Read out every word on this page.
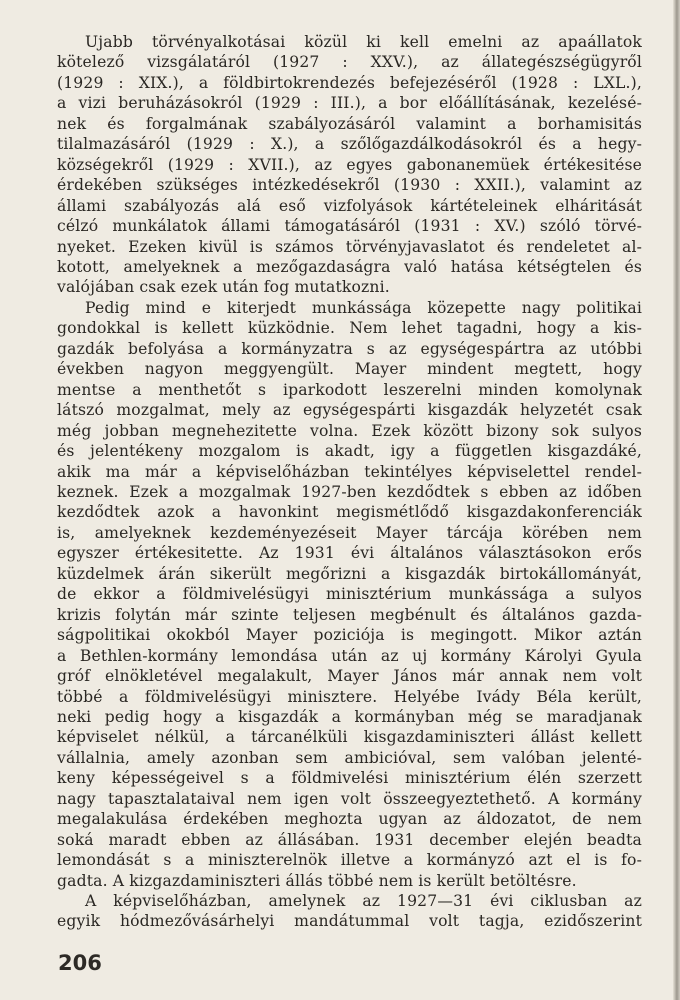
Ujabb törvényalkotásai közül ki kell emelni az apaállatok
kötelező vizsgálatáról (1927 : XXV.), az állategészségügyről
(1929 : XIX.), a földbirtokrendezés befejezéséről (1928 : LXL.),
a vizi beruházásokról (1929 : III.), a bor előállításának, kezelésé-
nek és forgalmának szabályozásáról valamint a borhamisitás
tilalmazásáról (1929 : X.), a szőlőgazdálkodásokról és a hegy-
községekről (1929 : XVII.), az egyes gabonanemüek értékesitése
érdekében szükséges intézkedésekről (1930 : XXII.), valamint az
állami szabályozás alá eső vizfolyások kártételeinek elháritását
célzó munkálatok állami támogatásáról (1931 : XV.) szóló törvé-
nyeket. Ezeken kivül is számos törvényjavaslatot és rendeletet al-
kotott, amelyeknek a mezőgazdaságra való hatása kétségtelen és
valójában csak ezek után fog mutatkozni.

Pedig mind e kiterjedt munkássága közepette nagy politikai
gondokkal is kellett küzködnie. Nem lehet tagadni, hogy a kis-
gazdák befolyása a kormányzatra s az egységespártra az utóbbi
években nagyon meggyengült. Mayer mindent megtett, hogy
mentse a menthetőt s iparkodott leszerelni minden komolynak
látszó mozgalmat, mely az egységespárti kisgazdák helyzetét csak
még jobban megnehezitette volna. Ezek között bizony sok sulyos
és jelentékeny mozgalom is akadt, igy a független kisgazdáké,
akik ma már a képviselőházban tekintélyes képviselettel rendel-
keznek. Ezek a mozgalmak 1927-ben kezdődtek s ebben az időben
kezdődtek azok a havonkint megismétlődő kisgazdakonferenciák
is, amelyeknek kezdeményezéseit Mayer tárcája körében nem
egyszer értékesitette. Az 1931 évi általános választásokon erős
küzdelmek árán sikerült megőrizni a kisgazdák birtokállományát,
de ekkor a földmivelésügyi minisztérium munkássága a sulyos
krizis folytán már szinte teljesen megbénult és általános gazda-
ságpolitikai okokból Mayer poziciója is megingott. Mikor aztán
a Bethlen-kormány lemondása után az uj kormány Károlyi Gyula
gróf elnökletével megalakult, Mayer János már annak nem volt
többé a földmivelésügyi miniszterе. Helyébe Ivády Béla került,
neki pedig hogy a kisgazdák a kormányban még se maradjanak
képviselet nélkül, a tárcanélküli kisgazdaminiszteri állást kellett
vállalnia, amely azonban sem ambicióval, sem valóban jelenté-
keny képességeivel s a földmivelési minisztérium élén szerzett
nagy tapasztalataival nem igen volt összeegyeztethető. A kormány
megalakulása érdekében meghozta ugyan az áldozatot, de nem
soká maradt ebben az állásában. 1931 december elején beadta
lemondását s a miniszterelnök illetve a kormányzó azt el is fo-
gadta. A kizgazdaminiszteri állás többé nem is került betöltésre.

A képviselőházban, amelynek az 1927—31 évi ciklusban az
egyik hódmezővásárhelyi mandátummal volt tagja, ezidőszerint

206
